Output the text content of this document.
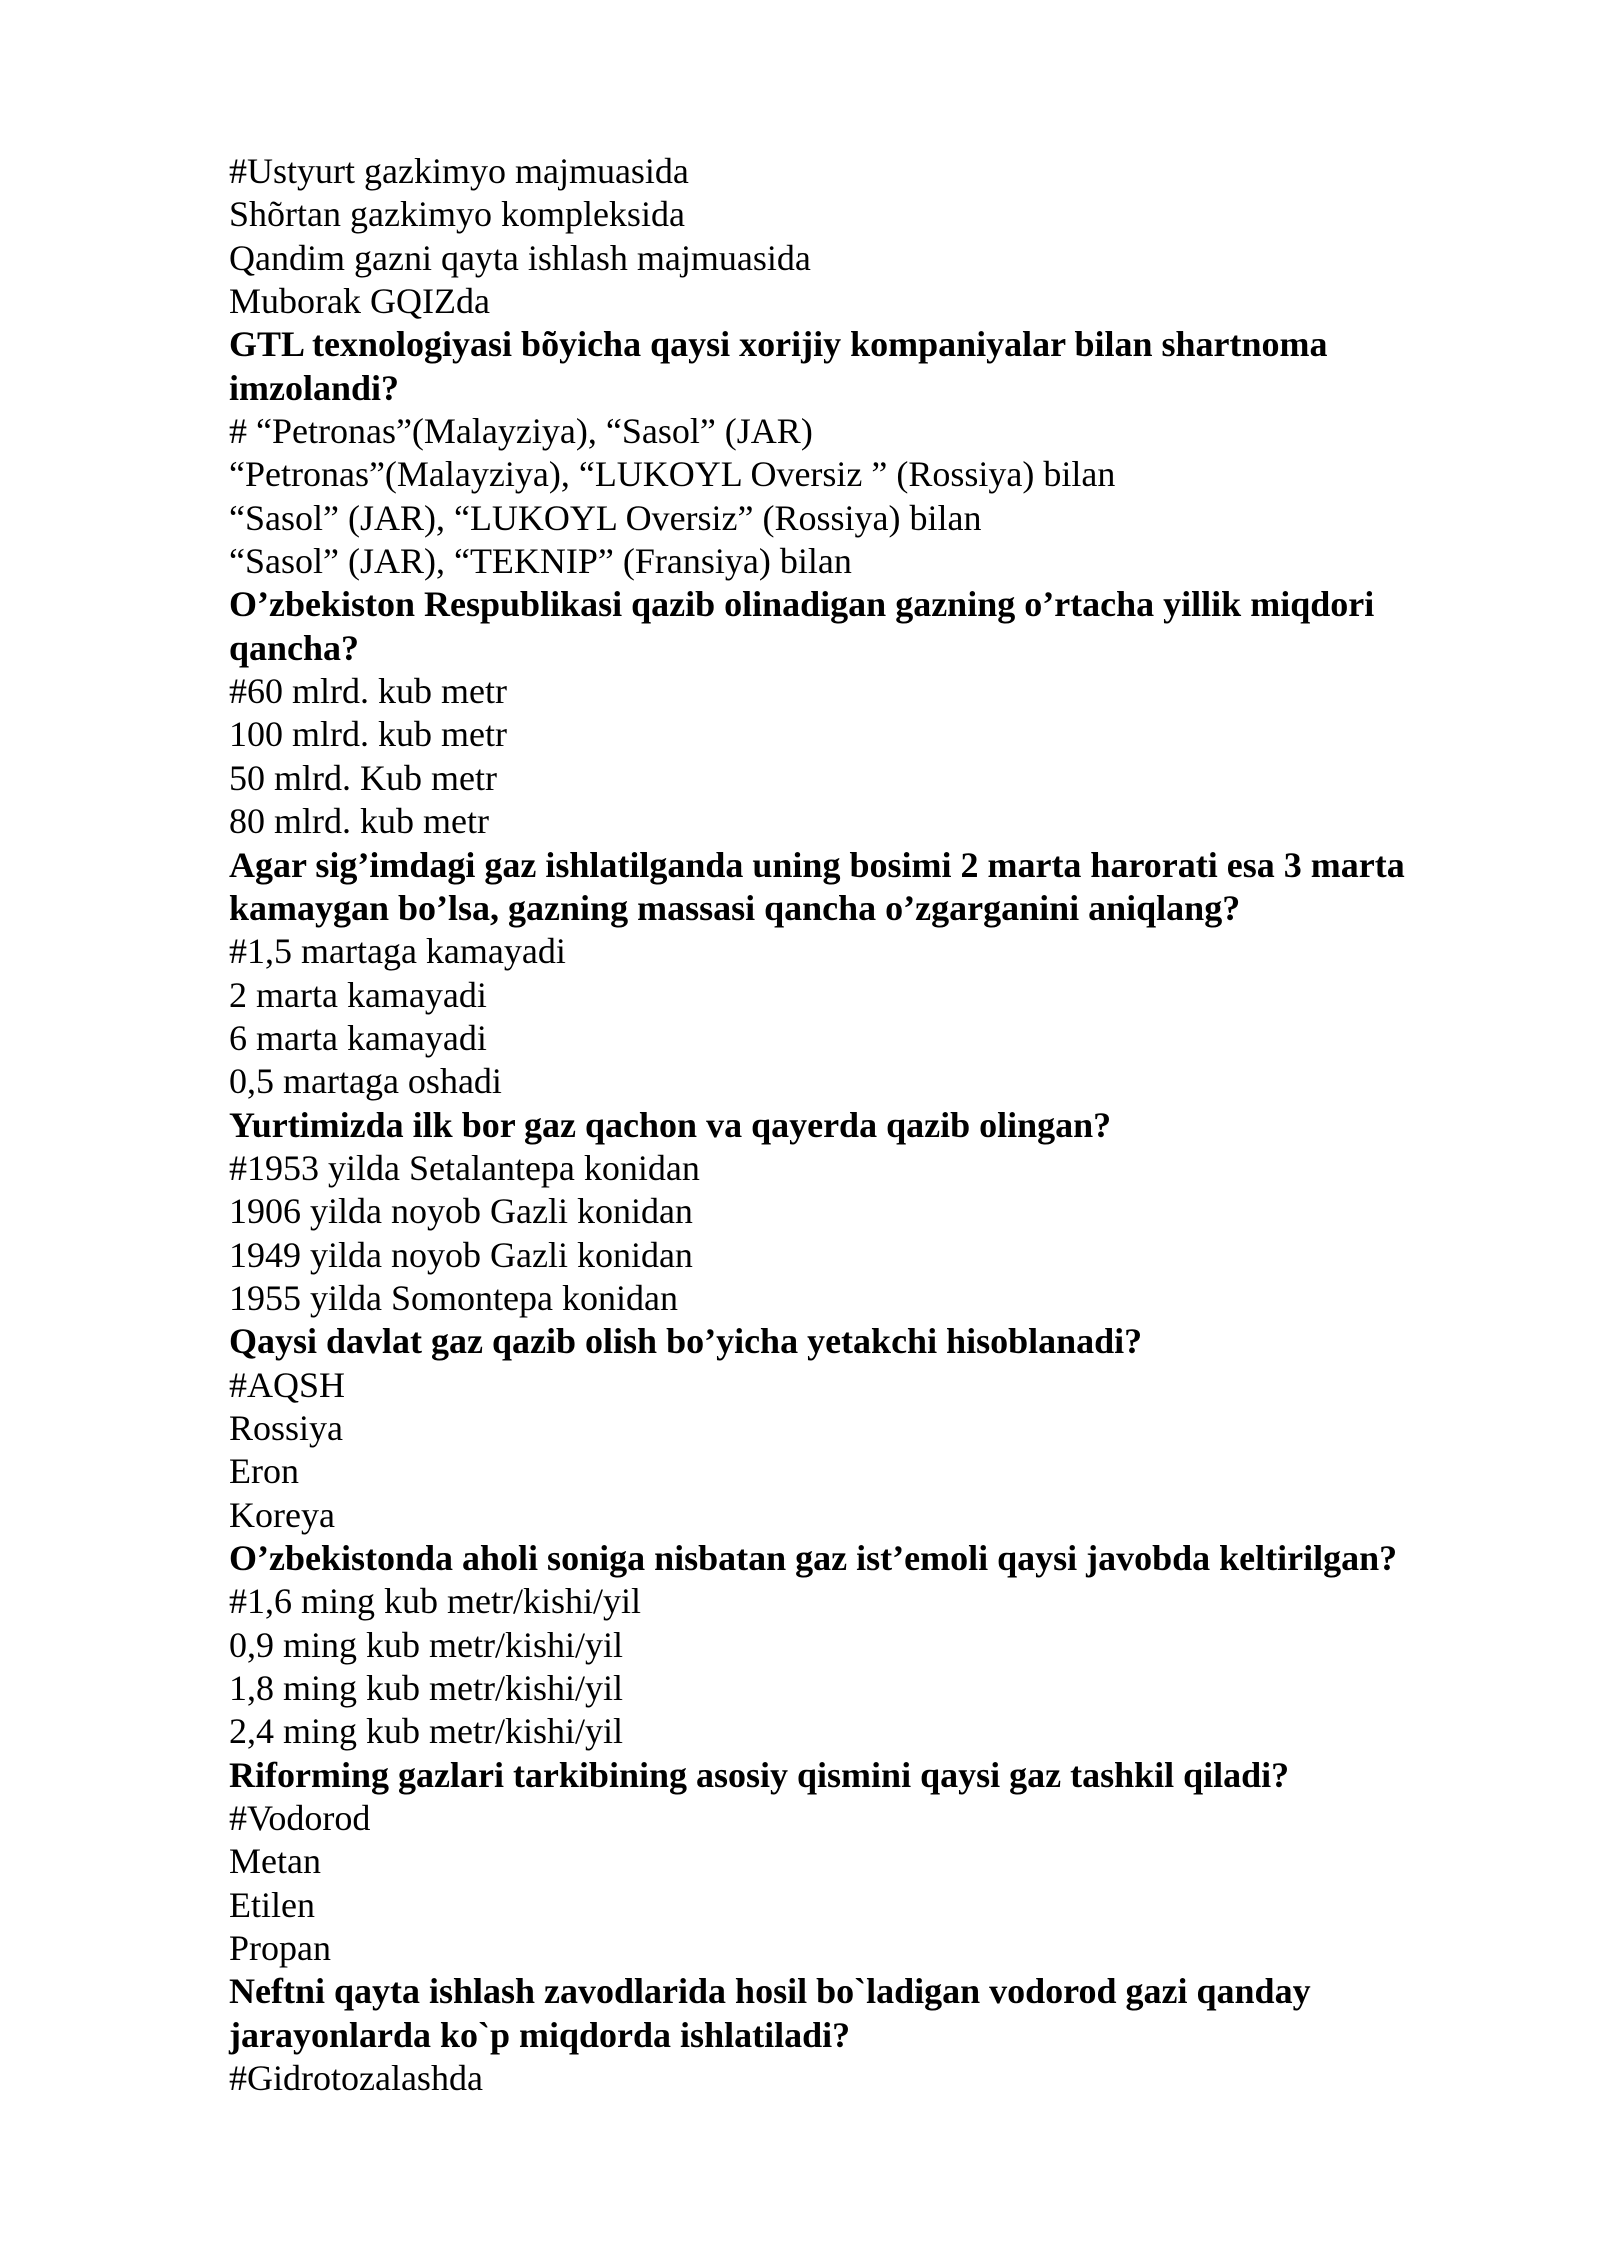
#Ustyurt gazkimyo majmuasida
Shõrtan gazkimyo kompleksida
Qandim gazni qayta ishlash majmuasida
Muborak GQIZda
GTL texnologiyasi bõyicha qaysi xorijiy kompaniyalar bilan shartnoma imzolandi?
# “Petronas”(Malayziya), “Sasol” (JAR)
“Petronas”(Malayziya), “LUKOYL Oversiz ” (Rossiya) bilan
“Sasol” (JAR), “LUKOYL Oversiz” (Rossiya) bilan
“Sasol” (JAR), “TEKNIP” (Fransiya) bilan
O’zbekiston Respublikasi qazib olinadigan gazning o’rtacha yillik miqdori qancha?
#60 mlrd. kub metr
100 mlrd. kub metr
50 mlrd. Kub metr
80 mlrd. kub metr
Agar sig’imdagi gaz ishlatilganda uning bosimi 2 marta harorati esa 3 marta kamaygan bo’lsa, gazning massasi qancha o’zgarganini aniqlang?
#1,5 martaga kamayadi
2 marta kamayadi
6 marta kamayadi
0,5 martaga oshadi
Yurtimizda ilk bor gaz qachon va qayerda qazib olingan?
#1953 yilda Setalantepa konidan
1906 yilda noyob Gazli konidan
1949 yilda noyob Gazli konidan
1955 yilda Somontepa konidan
Qaysi davlat gaz qazib olish bo’yicha yetakchi hisoblanadi?
#AQSH
Rossiya
Eron
Koreya
O’zbekistonda aholi soniga nisbatan gaz ist’emoli qaysi javobda keltirilgan?
#1,6 ming kub metr/kishi/yil
0,9 ming kub metr/kishi/yil
1,8 ming kub metr/kishi/yil
2,4 ming kub metr/kishi/yil
Riforming gazlari tarkibining asosiy qismini qaysi gaz tashkil qiladi?
#Vodorod
Metan
Etilen
Propan
Neftni qayta ishlash zavodlarida hosil bo`ladigan vodorod gazi qanday jarayonlarda ko`p miqdorda ishlatiladi?
#Gidrotozalashda
